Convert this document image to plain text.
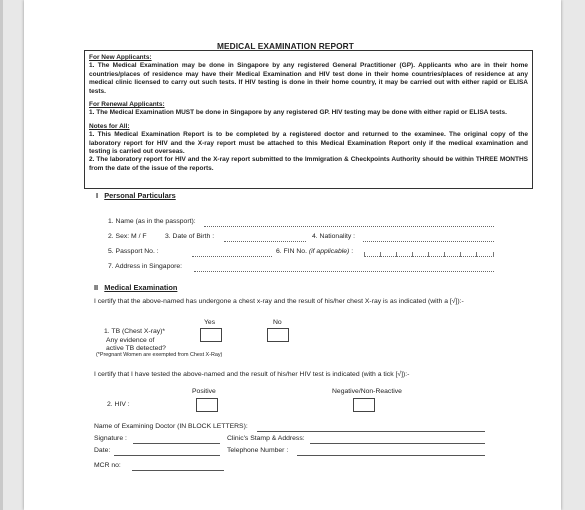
MEDICAL EXAMINATION REPORT

For New Applicants:

1. The Medical Examination may be done in Singapore by any registered General Practitioner (GP). Applicants who are in their home countries/places of residence may have their Medical Examination and HIV test done in their home countries/places of residence at any medical clinic licensed to carry out such tests. If HIV testing is done in their home country, it may be carried out with either rapid or ELISA tests.

For Renewal Applicants:

1. The Medical Examination MUST be done in Singapore by any registered GP. HIV testing may be done with either rapid or ELISA tests.

Notes for All:

1. This Medical Examination Report is to be completed by a registered doctor and returned to the examinee. The original copy of the laboratory report for HIV and the X-ray report must be attached to this Medical Examination Report only if the medical examination and testing is carried out overseas.

2. The laboratory report for HIV and the X-ray report submitted to the Immigration & Checkpoints Authority should be within THREE MONTHS from the date of the issue of the reports.

I Personal Particulars
1. Name (as in the passport):
2. Sex: M / F	3. Date of Birth :	4. Nationality :
5. Passport No. :	6. FIN No. (if applicable) :
7. Address in Singapore:
II Medical Examination
I certify that the above-named has undergone a chest x-ray and the result of his/her chest X-ray is as indicated (with a [√]):-
Yes	No
1. TB (Chest X-ray)*
Any evidence of
active TB detected?
(*Pregnant Women are exempted from Chest X-Ray)
I certify that I have tested the above-named and the result of his/her HIV test is indicated (with a tick [√]):-
Positive	Negative/Non-Reactive
2. HIV :
Name of Examining Doctor (IN BLOCK LETTERS):
Signature :	Clinic's Stamp & Address:
Date:	Telephone Number :
MCR no:
